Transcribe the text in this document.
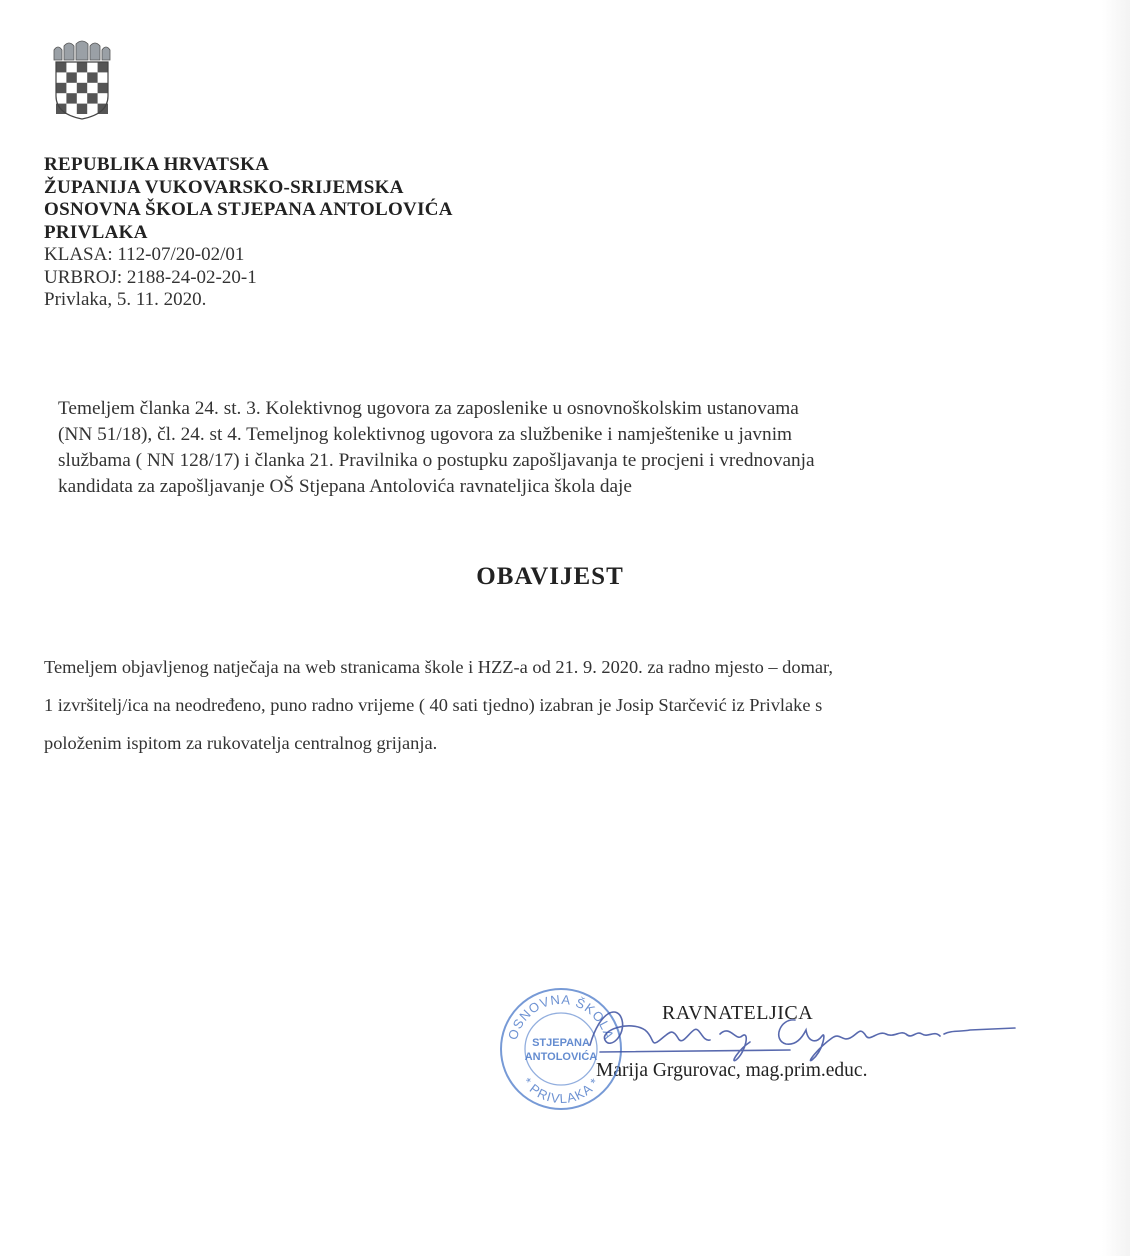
REPUBLIKA HRVATSKA
ŽUPANIJA VUKOVARSKO-SRIJEMSKA
OSNOVNA ŠKOLA STJEPANA ANTOLOVIĆA
PRIVLAKA
KLASA: 112-07/20-02/01
URBROJ: 2188-24-02-20-1
Privlaka, 5. 11. 2020.
Temeljem članka 24. st. 3. Kolektivnog ugovora za zaposlenike u osnovnoškolskim ustanovama
(NN 51/18), čl. 24. st 4. Temeljnog kolektivnog ugovora za službenike i namještenike u javnim
službama ( NN 128/17) i članka 21. Pravilnika o postupku zapošljavanja te procjeni i vrednovanja
kandidata za zapošljavanje OŠ Stjepana Antolovića ravnateljica škola daje
OBAVIJEST
Temeljem objavljenog natječaja na web stranicama škole i HZZ-a od 21. 9. 2020. za radno mjesto – domar,
1 izvršitelj/ica na neodređeno, puno radno vrijeme ( 40 sati tjedno) izabran je Josip Starčević iz Privlake s
položenim ispitom za rukovatelja centralnog grijanja.
RAVNATELJICA
Marija Grgurovac, mag.prim.educ.
OSNOVNA ŠKOLA
* PRIVLAKA *
STJEPANA
ANTOLOVIĆA
